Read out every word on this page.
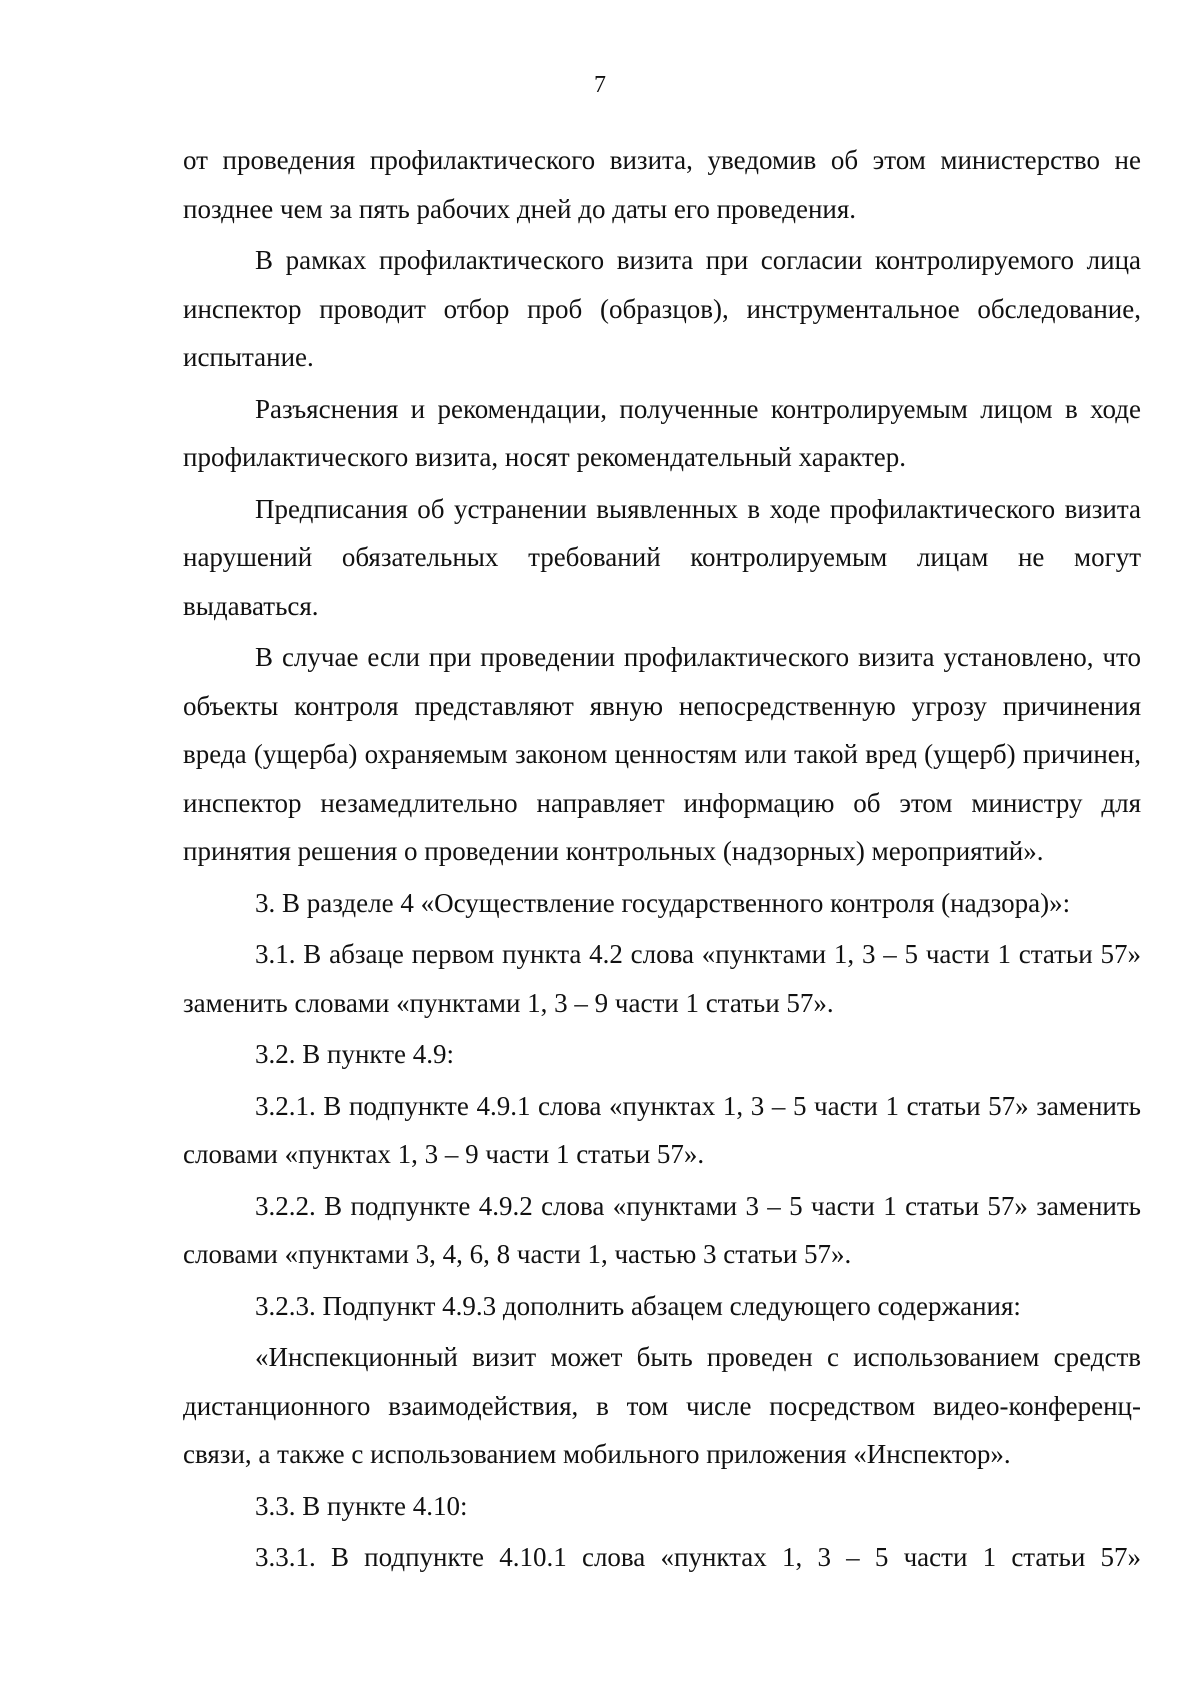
7

от проведения профилактического визита, уведомив об этом министерство не позднее чем за пять рабочих дней до даты его проведения.

В рамках профилактического визита при согласии контролируемого лица инспектор проводит отбор проб (образцов), инструментальное обследование, испытание.

Разъяснения и рекомендации, полученные контролируемым лицом в ходе профилактического визита, носят рекомендательный характер.

Предписания об устранении выявленных в ходе профилактического визита нарушений обязательных требований контролируемым лицам не могут выдаваться.

В случае если при проведении профилактического визита установлено, что объекты контроля представляют явную непосредственную угрозу причинения вреда (ущерба) охраняемым законом ценностям или такой вред (ущерб) причинен, инспектор незамедлительно направляет информацию об этом министру для принятия решения о проведении контрольных (надзорных) мероприятий».

3. В разделе 4 «Осуществление государственного контроля (надзора)»:

3.1. В абзаце первом пункта 4.2 слова «пунктами 1, 3 – 5 части 1 статьи 57» заменить словами «пунктами 1, 3 – 9 части 1 статьи 57».

3.2. В пункте 4.9:

3.2.1. В подпункте 4.9.1 слова «пунктах 1, 3 – 5 части 1 статьи 57» заменить словами «пунктах 1, 3 – 9 части 1 статьи 57».

3.2.2. В подпункте 4.9.2 слова «пунктами 3 – 5 части 1 статьи 57» заменить словами «пунктами 3, 4, 6, 8 части 1, частью 3 статьи 57».

3.2.3. Подпункт 4.9.3 дополнить абзацем следующего содержания:

«Инспекционный визит может быть проведен с использованием средств дистанционного взаимодействия, в том числе посредством видео-конференц-связи, а также с использованием мобильного приложения «Инспектор».

3.3. В пункте 4.10:

3.3.1. В подпункте 4.10.1 слова «пунктах 1, 3 – 5 части 1 статьи 57»
